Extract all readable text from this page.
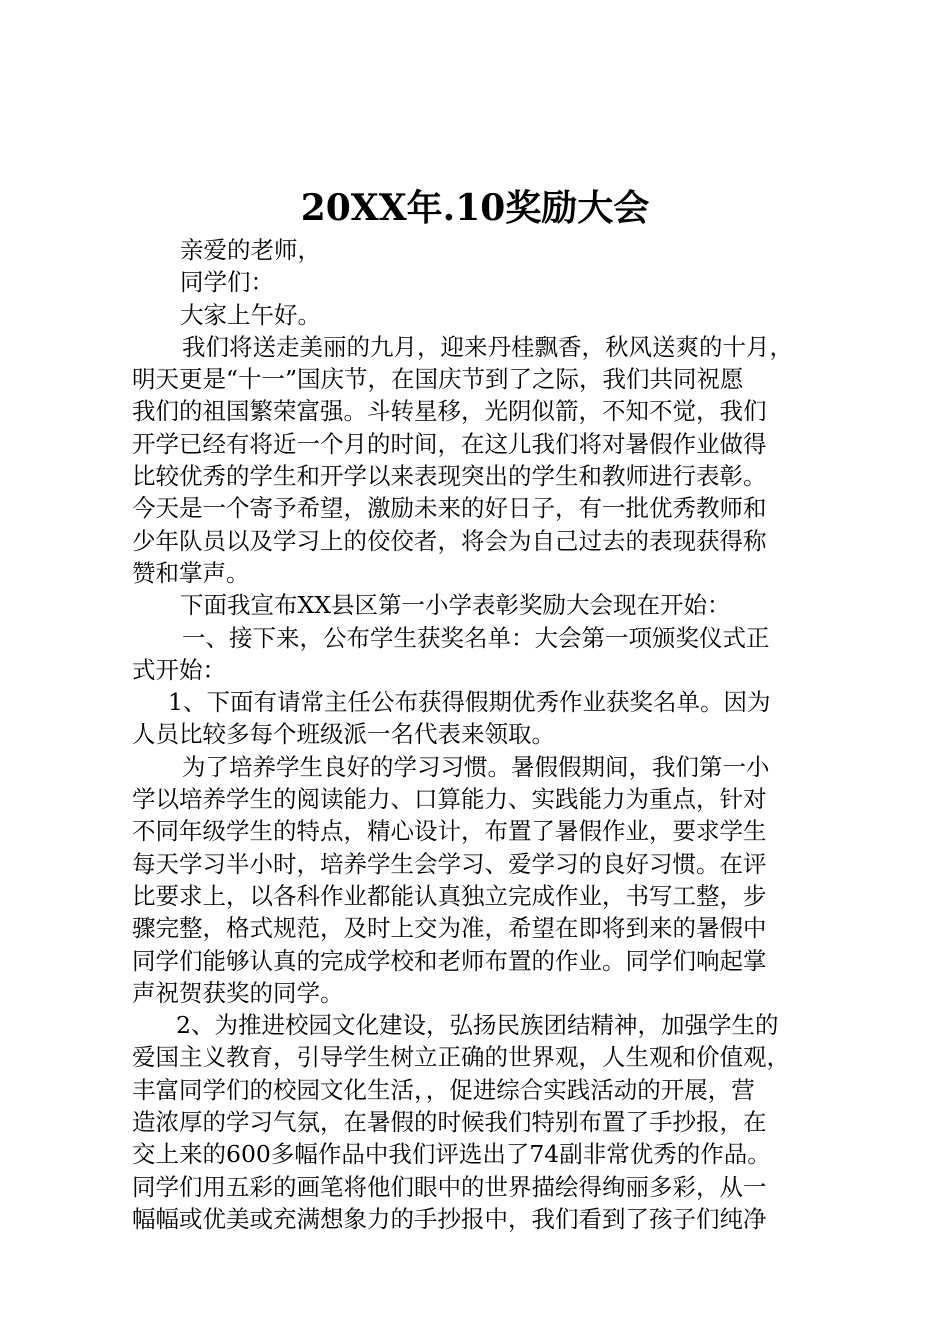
20XX年.10奖励大会
亲爱的老师，
同学们：
大家上午好。
我们将送走美丽的九月，迎来丹桂飘香，秋风送爽的十月，
明天更是“十一”国庆节，在国庆节到了之际，我们共同祝愿
我们的祖国繁荣富强。斗转星移，光阴似箭，不知不觉，我们
开学已经有将近一个月的时间，在这儿我们将对暑假作业做得
比较优秀的学生和开学以来表现突出的学生和教师进行表彰。
今天是一个寄予希望，激励未来的好日子，有一批优秀教师和
少年队员以及学习上的佼佼者，将会为自己过去的表现获得称
赞和掌声。
下面我宣布XX县区第一小学表彰奖励大会现在开始：
一、接下来，公布学生获奖名单：大会第一项颁奖仪式正
式开始：
1、下面有请常主任公布获得假期优秀作业获奖名单。因为
人员比较多每个班级派一名代表来领取。
为了培养学生良好的学习习惯。暑假假期间，我们第一小
学以培养学生的阅读能力、口算能力、实践能力为重点，针对
不同年级学生的特点，精心设计，布置了暑假作业，要求学生
每天学习半小时，培养学生会学习、爱学习的良好习惯。在评
比要求上，以各科作业都能认真独立完成作业，书写工整，步
骤完整，格式规范，及时上交为准，希望在即将到来的暑假中
同学们能够认真的完成学校和老师布置的作业。同学们响起掌
声祝贺获奖的同学。
2、为推进校园文化建设，弘扬民族团结精神，加强学生的
爱国主义教育，引导学生树立正确的世界观，人生观和价值观，
丰富同学们的校园文化生活，，促进综合实践活动的开展，营
造浓厚的学习气氛，在暑假的时候我们特别布置了手抄报，在
交上来的600多幅作品中我们评选出了74副非常优秀的作品。
同学们用五彩的画笔将他们眼中的世界描绘得绚丽多彩，从一
幅幅或优美或充满想象力的手抄报中，我们看到了孩子们纯净
